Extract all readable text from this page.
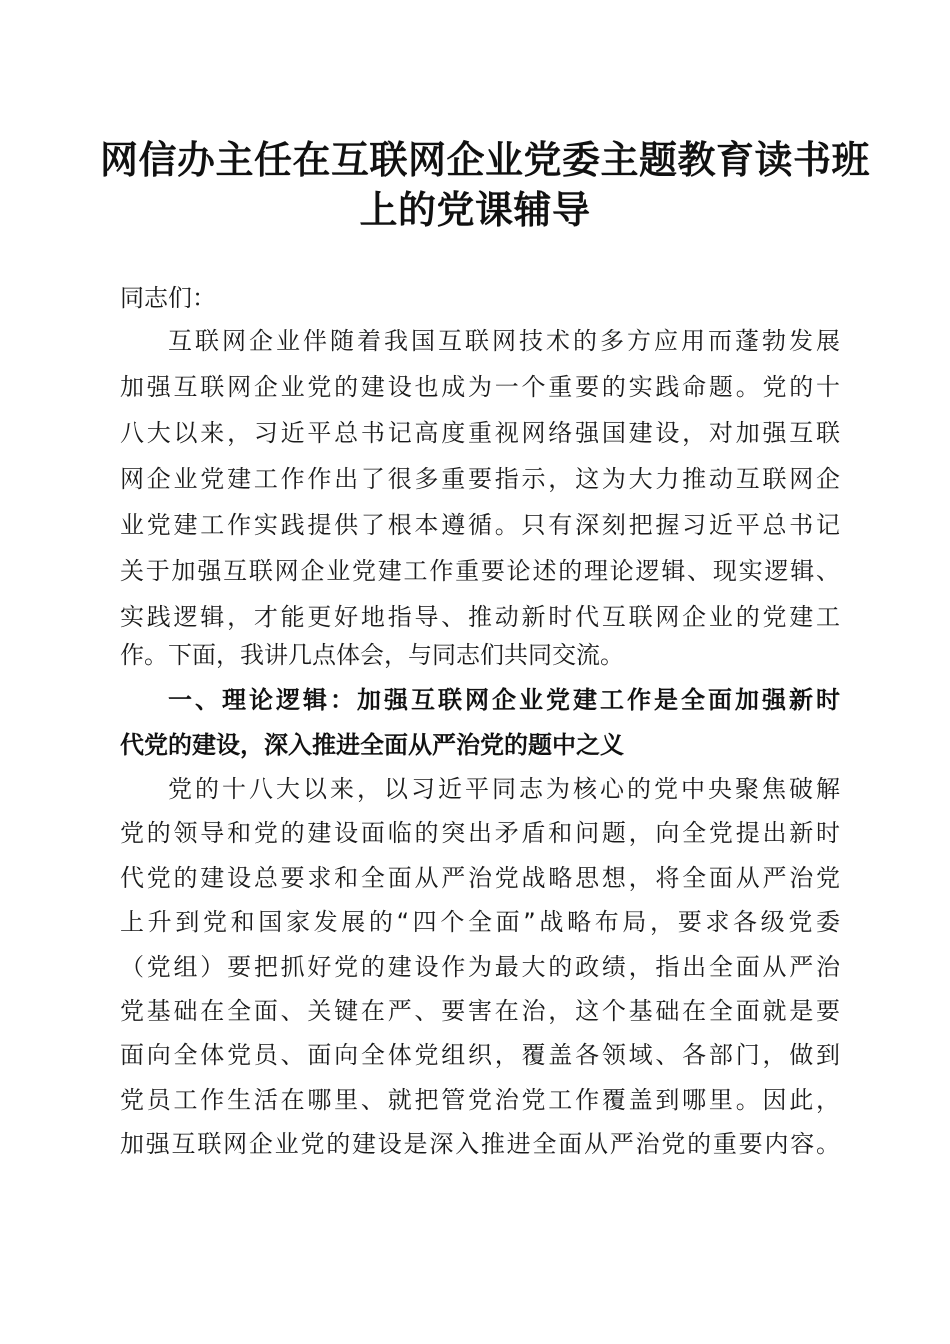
网信办主任在互联网企业党委主题教育读书班
上的党课辅导
同志们：
互联网企业伴随着我国互联网技术的多方应用而蓬勃发展
加强互联网企业党的建设也成为一个重要的实践命题。党的十
八大以来，习近平总书记高度重视网络强国建设，对加强互联
网企业党建工作作出了很多重要指示，这为大力推动互联网企
业党建工作实践提供了根本遵循。只有深刻把握习近平总书记
关于加强互联网企业党建工作重要论述的理论逻辑、现实逻辑、
实践逻辑，才能更好地指导、推动新时代互联网企业的党建工
作。下面，我讲几点体会，与同志们共同交流。
一、理论逻辑：加强互联网企业党建工作是全面加强新时
代党的建设，深入推进全面从严治党的题中之义
党的十八大以来，以习近平同志为核心的党中央聚焦破解
党的领导和党的建设面临的突出矛盾和问题，向全党提出新时
代党的建设总要求和全面从严治党战略思想，将全面从严治党
上升到党和国家发展的“四个全面”战略布局，要求各级党委
（党组）要把抓好党的建设作为最大的政绩，指出全面从严治
党基础在全面、关键在严、要害在治，这个基础在全面就是要
面向全体党员、面向全体党组织，覆盖各领域、各部门，做到
党员工作生活在哪里、就把管党治党工作覆盖到哪里。因此，
加强互联网企业党的建设是深入推进全面从严治党的重要内容。
